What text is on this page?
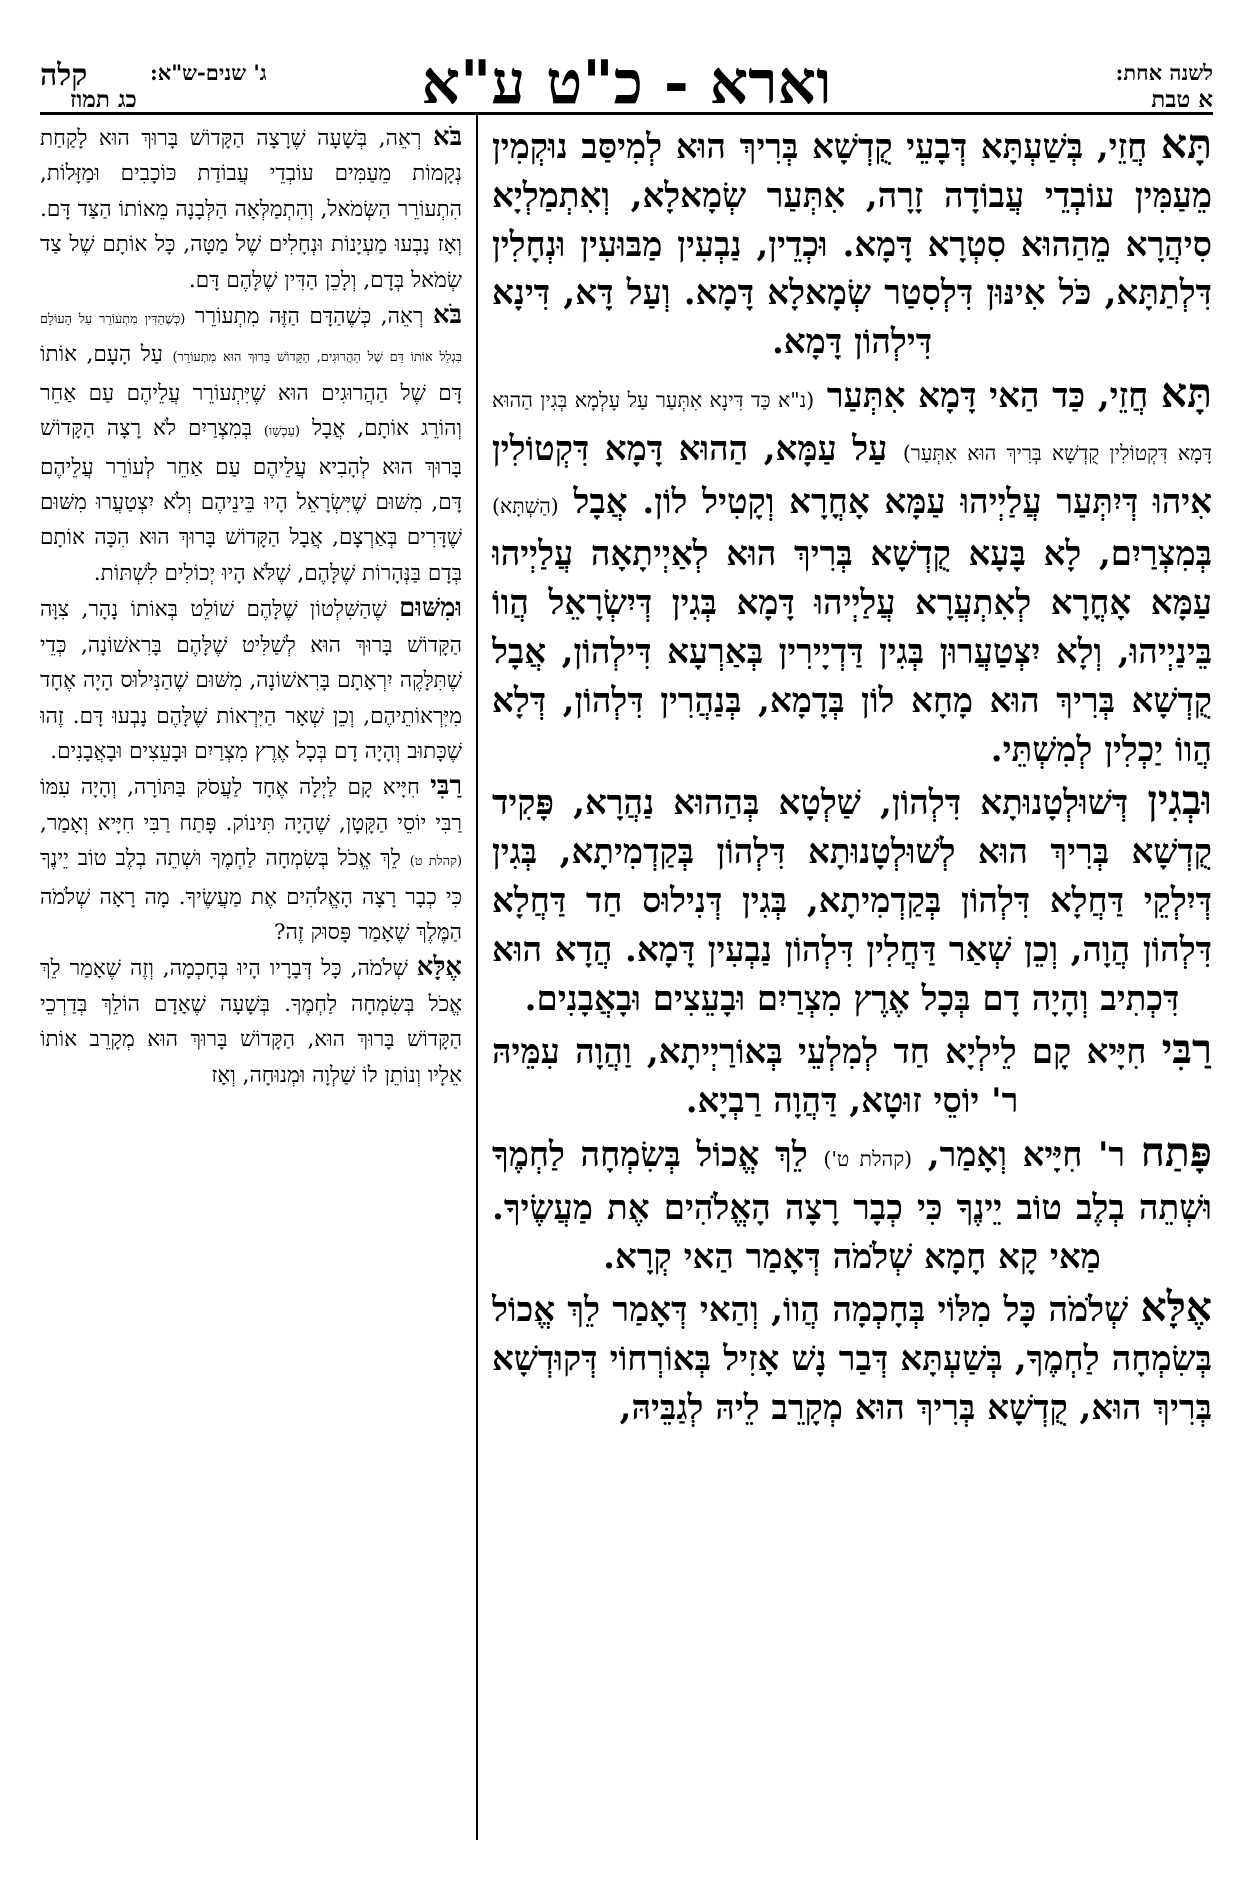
לשנה אחת:
א טבת
וארא - כ"ט ע"א
ג' שנים-ש"א:
כג תמוז
קלה

תָּא חֲזֵי, בְּשַׁעְתָּא דְּבָעֵי קֻדְשָׁא בְּרִיךְ הוּא לְמִיסַּב נוּקְמִין מֵעַמִּין עוֹבְדֵי עֲבוֹדָה זָרָה, אִתְּעַר שְׂמָאלָא, וְאִתְמַלְיָא סִיהֲרָא מֵהַהוּא סִטְרָא דָּמָא. וּכְדֵין, נַבְעִין מַבּוּעִין וּנְחָלִין דִּלְתַתָּא, כֹּל אִינּוּן דִּלְסִטַר שְׂמָאלָא דָּמָא. וְעַל דָּא, דִּינָא דִּילְהוֹן דָּמָא.

תָּא חֲזֵי, כַּד הַאי דָּמָא אִתְּעַר (נ"א כַּד דִּינָא אִתְּעַר עַל עָלְמָא בְּגִין הַהוּא דָּמָא דִּקְטוֹלִין קֻדְשָׁא בְּרִיךְ הוּא אִתְּעַר) עַל עַמָּא, הַהוּא דָּמָא דִּקְטוֹלִין אִיהוּ דְּיִתְּעַר עֲלַיְיהוּ עַמָּא אָחֳרָא וְקָטִיל לוֹן. אֲבָל (הַשְׁתָּא) בְּמִצְרַיִם, לָא בָּעָא קֻדְשָׁא בְּרִיךְ הוּא לְאַיְיתָאָה עֲלַיְיהוּ עַמָּא אָחֳרָא לְאִתְעֲרָא עֲלַיְיהוּ דָּמָא בְּגִין דְּיִשְׂרָאֵל הֲווֹ בֵּינַיְיהוּ, וְלָא יִצְטַעֲרוּן בְּגִין דַּדְיָירִין בְּאַרְעָא דִּילְהוֹן, אֲבָל קֻדְשָׁא בְּרִיךְ הוּא מָחָא לוֹן בְּדָמָא, בְּנַהֲרִין דִּלְהוֹן, דְּלָא הֲווֹ יַכְלִין לְמִשְׁתֵּי.

וּבְגִין דְּשׁוּלְטָנוּתָא דִּלְהוֹן, שַׁלְטָא בְּהַהוּא נַהֲרָא, פָּקִיד קֻדְשָׁא בְּרִיךְ הוּא לְשׁוּלְטָנוּתָא דִּלְהוֹן בְּקַדְמִיתָא, בְּגִין דְּיִלְקֵי דַּחֲלָא דִּלְהוֹן בְּקַדְמִיתָא, בְּגִין דְּנִילוּס חַד דַּחֲלָא דִּלְהוֹן הֲוָה, וְכֵן שְׁאַר דַּחֲלִין דִּלְהוֹן נַבְעִין דָּמָא. הֲדָא הוּא דִּכְתִיב וְהָיָה דָם בְּכָל אֶרֶץ מִצְרַיִם וּבָעֵצִים וּבָאֲבָנִים.

רַבִּי חִיָּיא קָם לֵילְיָא חַד לְמִלְעֵי בְּאוֹרַיְיתָא, וַהֲוָה עִמֵּיהּ ר' יוֹסֵי זוּטָא, דַּהֲוָה רַבְיָא.

פָּתַח ר' חִיָּיא וְאָמַר, (קהלת ט') לֵךְ אֱכוֹל בְּשִׂמְחָה לַחְמֶךָ וּשְׁתֵה בְלֶב טוֹב יֵינֶךָ כִּי כְבָר רָצָה הָאֱלֹהִים אֶת מַעֲשֶׂיךָ. מַאי קָא חָמָא שְׁלֹמֹה דְּאָמַר הַאי קְרָא.

אֶלָּא שְׁלֹמֹה כָּל מִלּוֹי בְּחָכְמָה הֲווֹ, וְהַאי דְּאָמַר לֵךְ אֱכוֹל בְּשִׂמְחָה לַחְמֶךָ, בְּשַׁעְתָּא דְּבַר נָשׁ אָזִיל בְּאוֹרְחוֹי דְּקוּדְשָׁא בְּרִיךְ הוּא, קֻדְשָׁא בְּרִיךְ הוּא מְקָרֵב לֵיהּ לְגַבֵּיהּ,

בֹּא רְאֵה, בְּשָׁעָה שֶׁרָצָה הַקָּדוֹשׁ בָּרוּךְ הוּא לָקַחַת נְקָמוֹת מֵעַמִּים עוֹבְדֵי עֲבוֹדַת כּוֹכָבִים וּמַזָּלוֹת, הִתְעוֹרֵר הַשְּׂמֹאל, וְהִתְמַלְּאָה הַלְּבָנָה מֵאוֹתוֹ הַצַּד דָּם. וְאָז נָבְעוּ מַעְיָנוֹת וּנְחָלִים שֶׁל מַטָּה, כָּל אוֹתָם שֶׁל צַד שְׂמֹאל בְּדָם, וְלָכֵן הַדִּין שֶׁלָּהֶם דָּם.

בֹּא רְאֵה, כְּשֶׁהַדָּם הַזֶּה מִתְעוֹרֵר (כְּשֶׁהַדִּין מִתְעוֹרֵר עַל הָעוֹלָם בִּגְלַל אוֹתוֹ דַּם שֶׁל הַהֲרוּגִים, הַקָּדוֹשׁ בָּרוּךְ הוּא מִתְעוֹרֵר) עַל הָעָם, אוֹתוֹ דָּם שֶׁל הַהֲרוּגִים הוּא שֶׁיִּתְעוֹרֵר עֲלֵיהֶם עַם אַחֵר וְהוֹרֵג אוֹתָם, אֲבָל (עַכְשָׁו) בְּמִצְרַיִם לֹא רָצָה הַקָּדוֹשׁ בָּרוּךְ הוּא לְהָבִיא עֲלֵיהֶם עַם אַחֵר לְעוֹרֵר עֲלֵיהֶם דָּם, מִשּׁוּם שֶׁיִּשְׂרָאֵל הָיוּ בֵּינֵיהֶם וְלֹא יִצְטַעֲרוּ מִשּׁוּם שֶׁדָּרִים בְּאַרְצָם, אֲבָל הַקָּדוֹשׁ בָּרוּךְ הוּא הִכָּה אוֹתָם בְּדָם בַּנְּהָרוֹת שֶׁלָּהֶם, שֶׁלֹּא הָיוּ יְכוֹלִים לִשְׁתּוֹת.

וּמִשּׁוּם שֶׁהַשִּׁלְטוֹן שֶׁלָּהֶם שׁוֹלֵט בְּאוֹתוֹ נָהָר, צִוָּה הַקָּדוֹשׁ בָּרוּךְ הוּא לְשַׁלִּיט שֶׁלָּהֶם בָּרִאשׁוֹנָה, כְּדֵי שֶׁתִּלָּקֶה יִרְאָתָם בָּרִאשׁוֹנָה, מִשּׁוּם שֶׁהַנִּילוּס הָיָה אֶחָד מִיִּרְאוֹתֵיהֶם, וְכֵן שְׁאָר הַיִּרְאוֹת שֶׁלָּהֶם נָבְעוּ דָּם. זֶהוּ שֶׁכָּתוּב וְהָיָה דָם בְּכָל אֶרֶץ מִצְרַיִם וּבָעֵצִים וּבָאֲבָנִים.

רַבִּי חִיָּיא קָם לַיְלָה אֶחָד לַעֲסֹק בַּתּוֹרָה, וְהָיָה עִמּוֹ רַבִּי יוֹסֵי הַקָּטָן, שֶׁהָיָה תִּינוֹק. פָּתַח רַבִּי חִיָּיא וְאָמַר, (קהלת ט) לֵךְ אֱכֹל בְּשִׂמְחָה לַחְמֶךָ וּשְׁתֵה בְלֶב טוֹב יֵינֶךָ כִּי כְבָר רָצָה הָאֱלֹהִים אֶת מַעֲשֶׂיךָ. מָה רָאָה שְׁלֹמֹה הַמֶּלֶךְ שֶׁאָמַר פָּסוּק זֶה?

אֶלָּא שְׁלֹמֹה, כָּל דְּבָרָיו הָיוּ בְּחָכְמָה, וְזֶה שֶׁאָמַר לֵךְ אֱכֹל בְּשִׂמְחָה לַחְמֶךָ. בְּשָׁעָה שֶׁאָדָם הוֹלֵךְ בְּדַרְכֵי הַקָּדוֹשׁ בָּרוּךְ הוּא, הַקָּדוֹשׁ בָּרוּךְ הוּא מְקָרֵב אוֹתוֹ אֵלָיו וְנוֹתֵן לוֹ שַׁלְוָה וּמְנוּחָה, וְאָז
